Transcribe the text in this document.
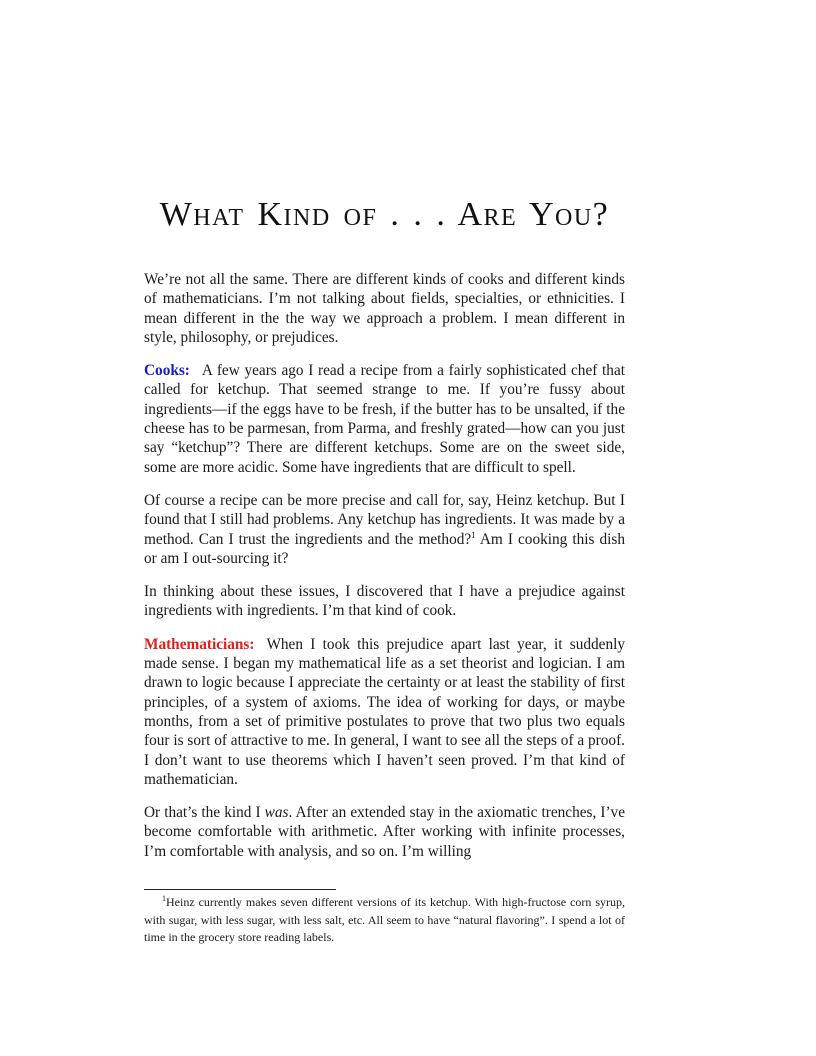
What Kind of . . . Are You?

We’re not all the same. There are different kinds of cooks and different kinds of mathematicians. I’m not talking about fields, specialties, or ethnicities. I mean different in the the way we approach a problem. I mean different in style, philosophy, or prejudices.

Cooks: A few years ago I read a recipe from a fairly sophisticated chef that called for ketchup. That seemed strange to me. If you’re fussy about ingredients—if the eggs have to be fresh, if the butter has to be unsalted, if the cheese has to be parmesan, from Parma, and freshly grated—how can you just say “ketchup”? There are different ketchups. Some are on the sweet side, some are more acidic. Some have ingredients that are difficult to spell.

Of course a recipe can be more precise and call for, say, Heinz ketchup. But I found that I still had problems. Any ketchup has ingredients. It was made by a method. Can I trust the ingredients and the method?$^1$ Am I cooking this dish or am I out-sourcing it?

In thinking about these issues, I discovered that I have a prejudice against ingredients with ingredients. I’m that kind of cook.

Mathematicians: When I took this prejudice apart last year, it suddenly made sense. I began my mathematical life as a set theorist and logician. I am drawn to logic because I appreciate the certainty or at least the stability of first principles, of a system of axioms. The idea of working for days, or maybe months, from a set of primitive postulates to prove that two plus two equals four is sort of attractive to me. In general, I want to see all the steps of a proof. I don’t want to use theorems which I haven’t seen proved. I’m that kind of mathematician.

Or that’s the kind I was. After an extended stay in the axiomatic trenches, I’ve become comfortable with arithmetic. After working with infinite processes, I’m comfortable with analysis, and so on. I’m willing

$^1$Heinz currently makes seven different versions of its ketchup. With high-fructose corn syrup, with sugar, with less sugar, with less salt, etc. All seem to have “natural flavoring”. I spend a lot of time in the grocery store reading labels.
